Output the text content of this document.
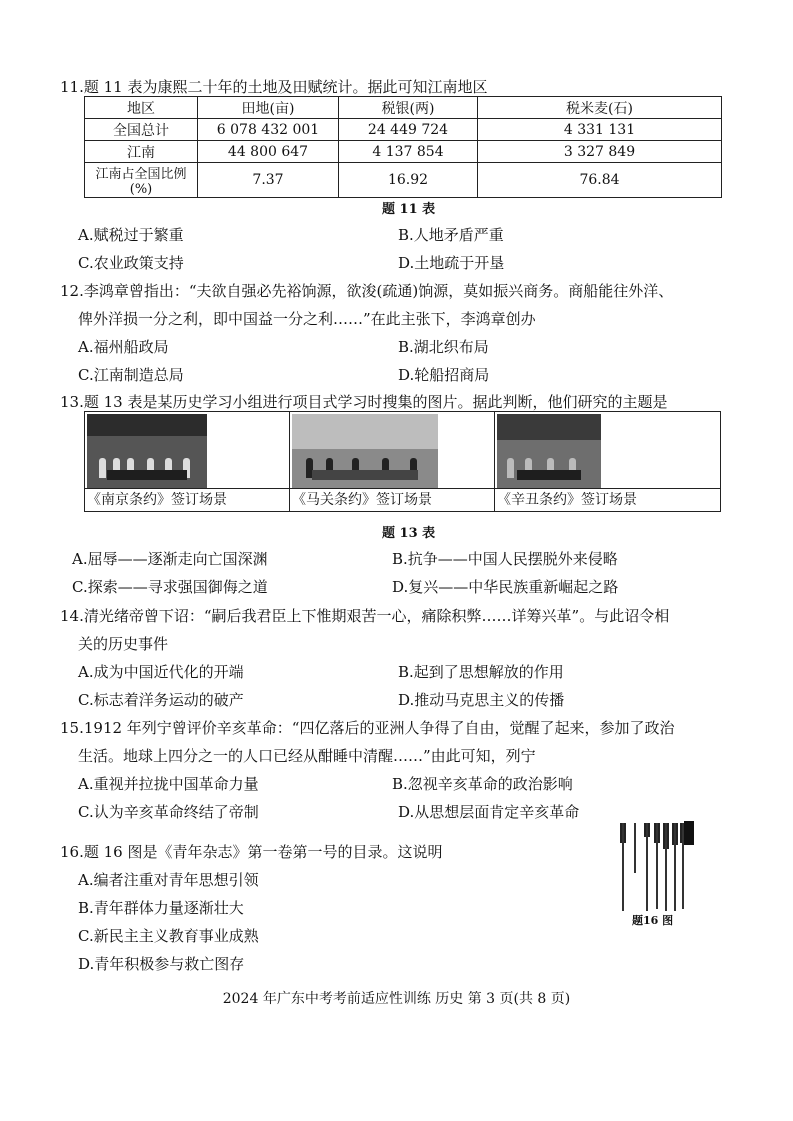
11.题 11 表为康熙二十年的土地及田赋统计。据此可知江南地区
地区	田地(亩)	税银(两)	税米麦(石)
全国总计	6 078 432 001	24 449 724	4 331 131
江南	44 800 647	4 137 854	3 327 849
江南占全国比例(%)	7.37	16.92	76.84
题 11 表
A.赋税过于繁重	B.人地矛盾严重
C.农业政策支持	D.土地疏于开垦
12.李鸿章曾指出：“夫欲自强必先裕饷源，欲浚(疏通)饷源，莫如振兴商务。商船能往外洋、
俾外洋损一分之利，即中国益一分之利……”在此主张下，李鸿章创办
A.福州船政局	B.湖北织布局
C.江南制造总局	D.轮船招商局
13.题 13 表是某历史学习小组进行项目式学习时搜集的图片。据此判断，他们研究的主题是
《南京条约》签订场景	《马关条约》签订场景	《辛丑条约》签订场景
题 13 表
A.屈辱——逐渐走向亡国深渊	B.抗争——中国人民摆脱外来侵略
C.探索——寻求强国御侮之道	D.复兴——中华民族重新崛起之路
14.清光绪帝曾下诏：“嗣后我君臣上下惟期艰苦一心，痛除积弊……详筹兴革”。与此诏令相
关的历史事件
A.成为中国近代化的开端	B.起到了思想解放的作用
C.标志着洋务运动的破产	D.推动马克思主义的传播
15.1912 年列宁曾评价辛亥革命：“四亿落后的亚洲人争得了自由，觉醒了起来，参加了政治
生活。地球上四分之一的人口已经从酣睡中清醒……”由此可知，列宁
A.重视并拉拢中国革命力量	B.忽视辛亥革命的政治影响
C.认为辛亥革命终结了帝制	D.从思想层面肯定辛亥革命
16.题 16 图是《青年杂志》第一卷第一号的目录。这说明
A.编者注重对青年思想引领
B.青年群体力量逐渐壮大
C.新民主主义教育事业成熟
D.青年积极参与救亡图存
题16 图
2024 年广东中考考前适应性训练 历史 第 3 页(共 8 页)
